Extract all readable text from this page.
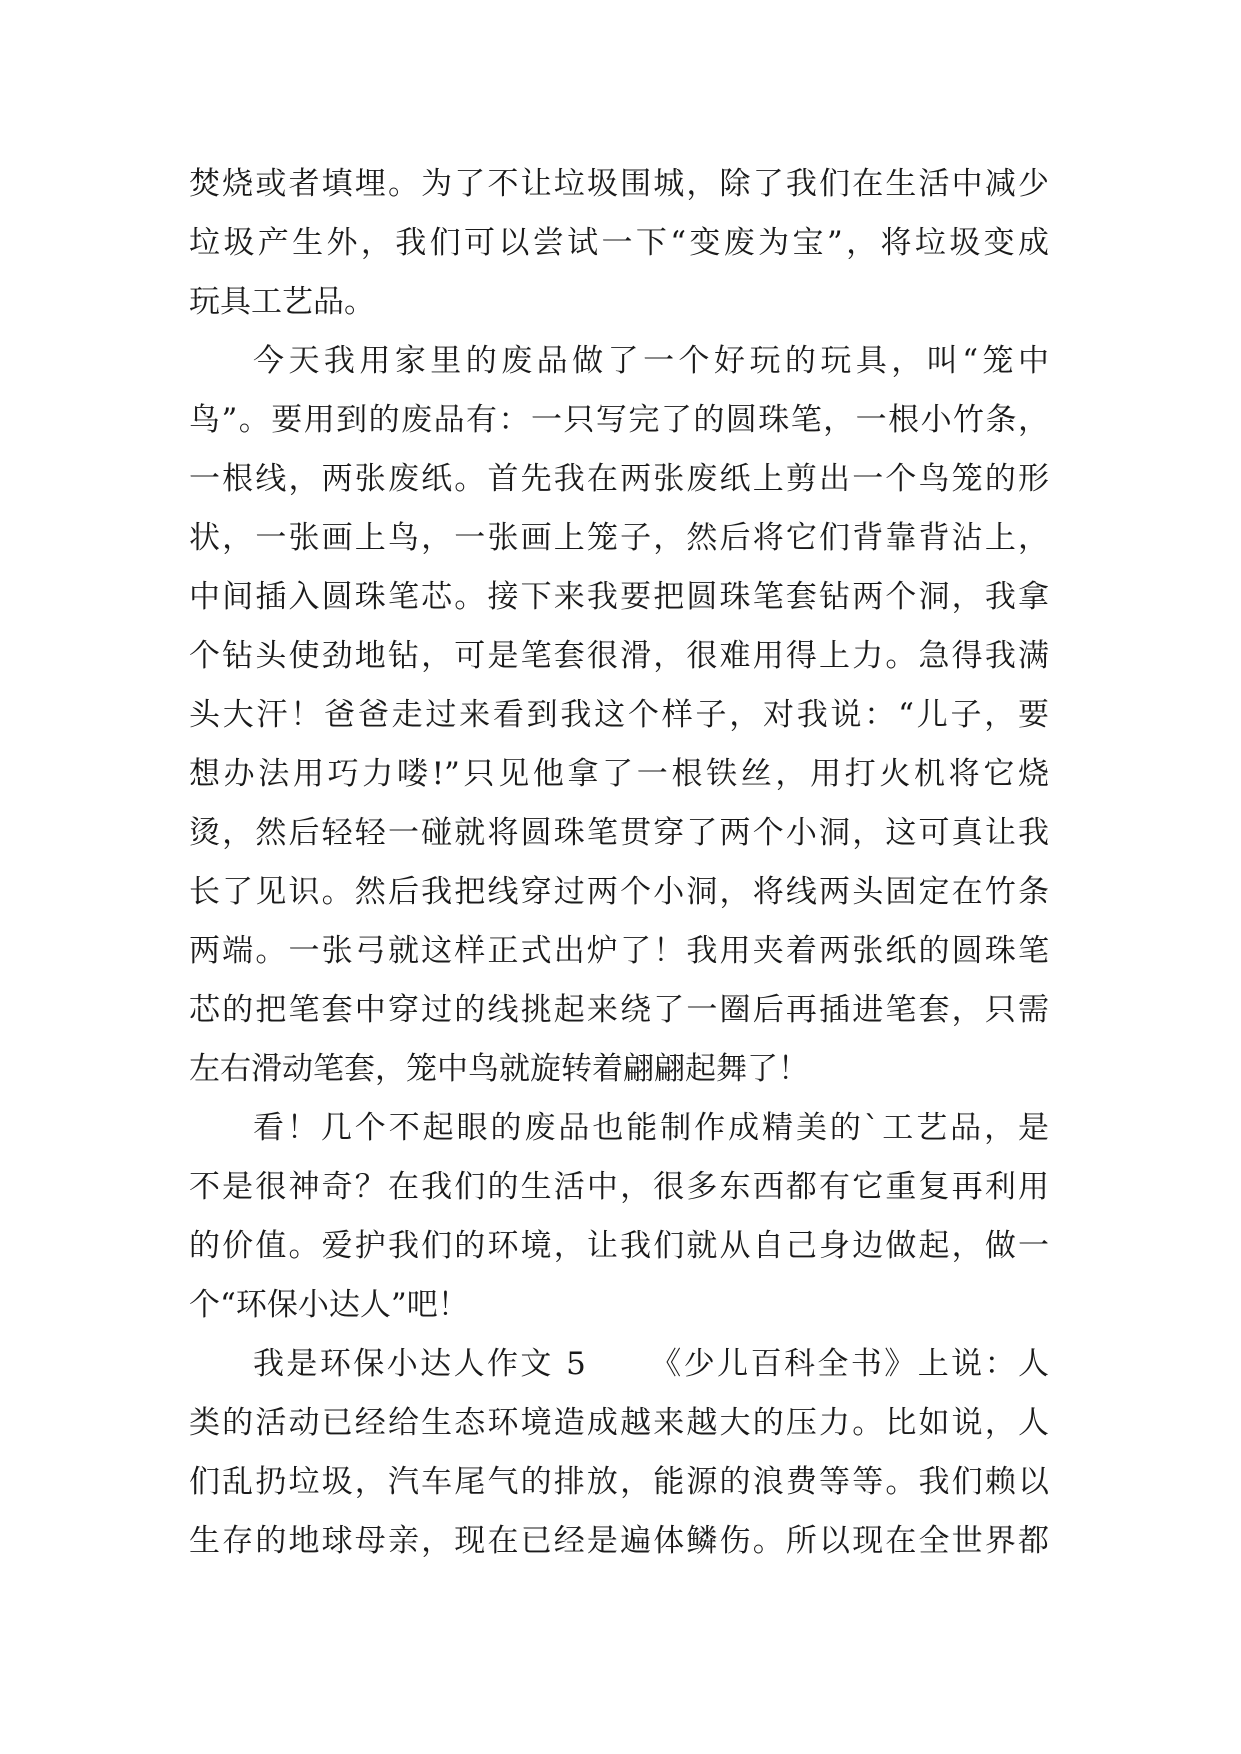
焚烧或者填埋。为了不让垃圾围城，除了我们在生活中减少
垃圾产生外，我们可以尝试一下“变废为宝”，将垃圾变成
玩具工艺品。
今天我用家里的废品做了一个好玩的玩具，叫“笼中
鸟”。要用到的废品有：一只写完了的圆珠笔，一根小竹条，
一根线，两张废纸。首先我在两张废纸上剪出一个鸟笼的形
状，一张画上鸟，一张画上笼子，然后将它们背靠背沾上，
中间插入圆珠笔芯。接下来我要把圆珠笔套钻两个洞，我拿
个钻头使劲地钻，可是笔套很滑，很难用得上力。急得我满
头大汗！爸爸走过来看到我这个样子，对我说：“儿子，要
想办法用巧力喽!”只见他拿了一根铁丝，用打火机将它烧
烫，然后轻轻一碰就将圆珠笔贯穿了两个小洞，这可真让我
长了见识。然后我把线穿过两个小洞，将线两头固定在竹条
两端。一张弓就这样正式出炉了！我用夹着两张纸的圆珠笔
芯的把笔套中穿过的线挑起来绕了一圈后再插进笔套，只需
左右滑动笔套，笼中鸟就旋转着翩翩起舞了！
看！几个不起眼的废品也能制作成精美的`工艺品，是
不是很神奇？在我们的生活中，很多东西都有它重复再利用
的价值。爱护我们的环境，让我们就从自己身边做起，做一
个“环保小达人”吧！
我是环保小达人作文 5 《少儿百科全书》上说：人
类的活动已经给生态环境造成越来越大的压力。比如说，人
们乱扔垃圾，汽车尾气的排放，能源的浪费等等。我们赖以
生存的地球母亲，现在已经是遍体鳞伤。所以现在全世界都
